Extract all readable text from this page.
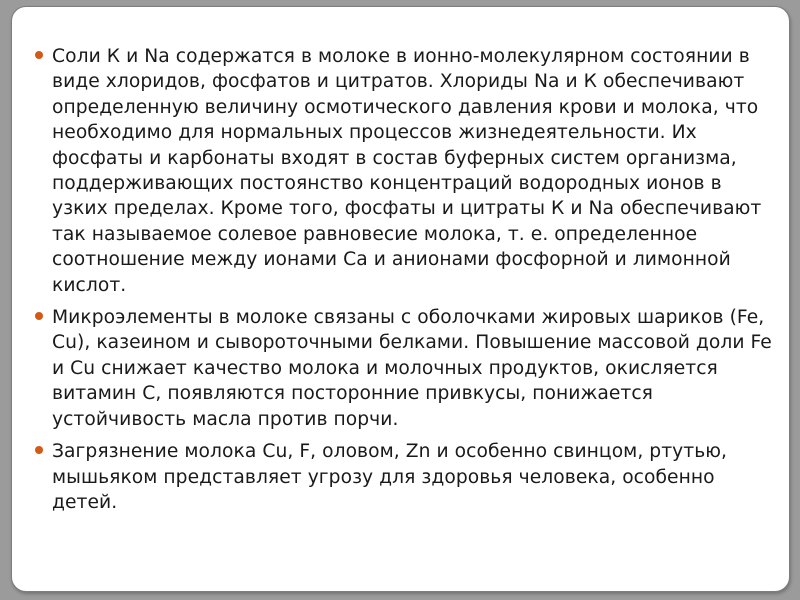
Соли К и Na содержатся в молоке в ионно-молекулярном состоянии в виде хлоридов, фосфатов и цитратов. Хлориды Na и К обеспечивают определенную величину осмотического давления крови и молока, что необходимо для нормальных процессов жизнедеятельности. Их фосфаты и карбонаты входят в состав буферных систем организма, поддерживающих постоянство концентраций водородных ионов в узких пределах. Кроме того, фосфаты и цитраты К и Na обеспечивают так называемое солевое равновесие молока, т. е. определенное соотношение между ионами Са и анионами фосфорной и лимонной кислот.
Микроэлементы в молоке связаны с оболочками жировых шариков (Fe, Cu), казеином и сывороточными белками. Повышение массовой доли Fe и Cu снижает качество молока и молочных продуктов, окисляется витамин С, появляются посторонние привкусы, понижается устойчивость масла против порчи.
Загрязнение молока Cu, F, оловом, Zn и особенно свинцом, ртутью, мышьяком представляет угрозу для здоровья человека, особенно детей.
